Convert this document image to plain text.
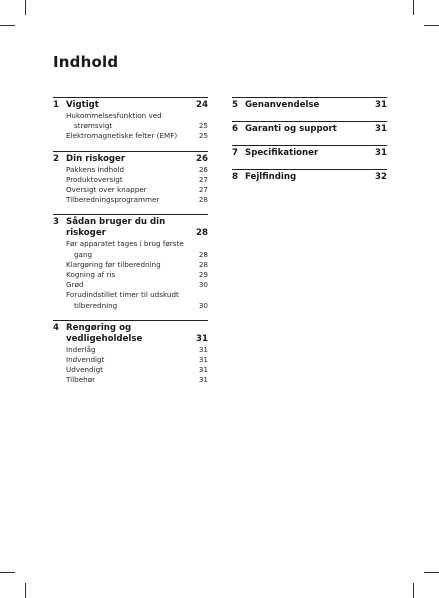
Indhold
1 Vigtigt	24
Hukommelsesfunktion ved
strømsvigt	25
Elektromagnetiske felter (EMF)	25
2 Din riskoger	26
Pakkens indhold	26
Produktoversigt	27
Oversigt over knapper	27
Tilberedningsprogrammer	28
3 Sådan bruger du din riskoger	28
Før apparatet tages i brug første
gang	28
Klargøring før tilberedning	28
Kogning af ris	29
Grød	30
Forudindstillet timer til udskudt
tilberedning	30
4 Rengøring og
vedligeholdelse	31
Inderlåg	31
Indvendigt	31
Udvendigt	31
Tilbehør	31
5 Genanvendelse	31
6 Garanti og support	31
7 Specifikationer	31
8 Fejlfinding	32
